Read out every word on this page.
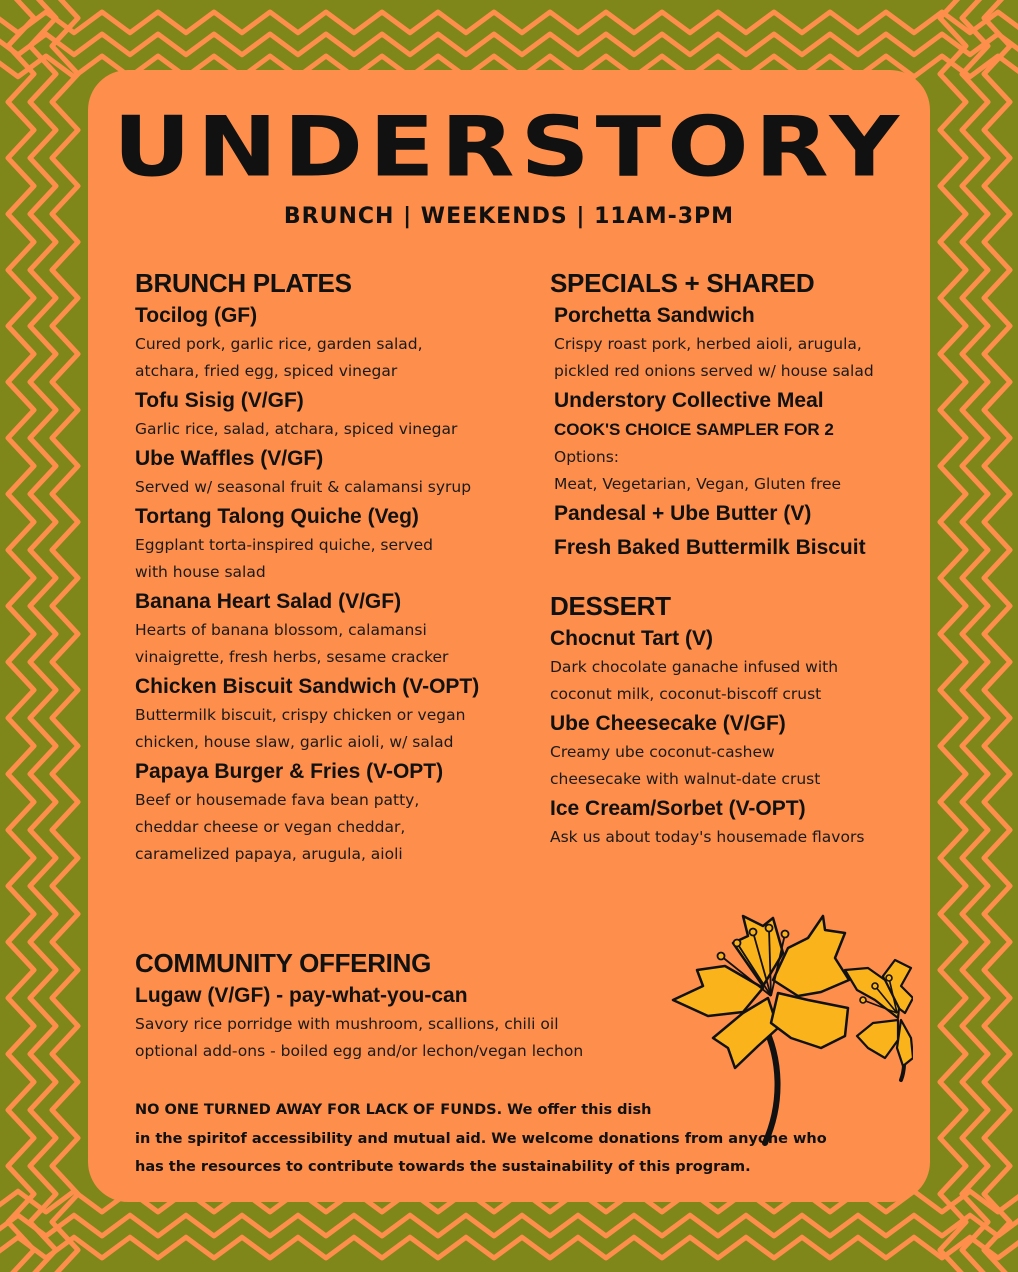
UNDERSTORY
BRUNCH | WEEKENDS | 11AM-3PM
BRUNCH PLATES
Tocilog (GF)
Cured pork, garlic rice, garden salad,
atchara, fried egg, spiced vinegar
Tofu Sisig (V/GF)
Garlic rice, salad, atchara, spiced vinegar
Ube Waffles (V/GF)
Served w/ seasonal fruit & calamansi syrup
Tortang Talong Quiche (Veg)
Eggplant torta-inspired quiche, served
with house salad
Banana Heart Salad (V/GF)
Hearts of banana blossom, calamansi
vinaigrette, fresh herbs, sesame cracker
Chicken Biscuit Sandwich (V-OPT)
Buttermilk biscuit, crispy chicken or vegan
chicken, house slaw, garlic aioli, w/ salad
Papaya Burger & Fries (V-OPT)
Beef or housemade fava bean patty,
cheddar cheese or vegan cheddar,
caramelized papaya, arugula, aioli
SPECIALS + SHARED
Porchetta Sandwich
Crispy roast pork, herbed aioli, arugula,
pickled red onions served w/ house salad
Understory Collective Meal
COOK'S CHOICE SAMPLER FOR 2
Options:
Meat, Vegetarian, Vegan, Gluten free
Pandesal + Ube Butter (V)
Fresh Baked Buttermilk Biscuit
DESSERT
Chocnut Tart (V)
Dark chocolate ganache infused with
coconut milk, coconut-biscoff crust
Ube Cheesecake (V/GF)
Creamy ube coconut-cashew
cheesecake with walnut-date crust
Ice Cream/Sorbet (V-OPT)
Ask us about today's housemade flavors
COMMUNITY OFFERING
Lugaw (V/GF) - pay-what-you-can
Savory rice porridge with mushroom, scallions, chili oil
optional add-ons - boiled egg and/or lechon/vegan lechon
NO ONE TURNED AWAY FOR LACK OF FUNDS. We offer this dish
in the spiritof accessibility and mutual aid. We welcome donations from anyone who
has the resources to contribute towards the sustainability of this program.
